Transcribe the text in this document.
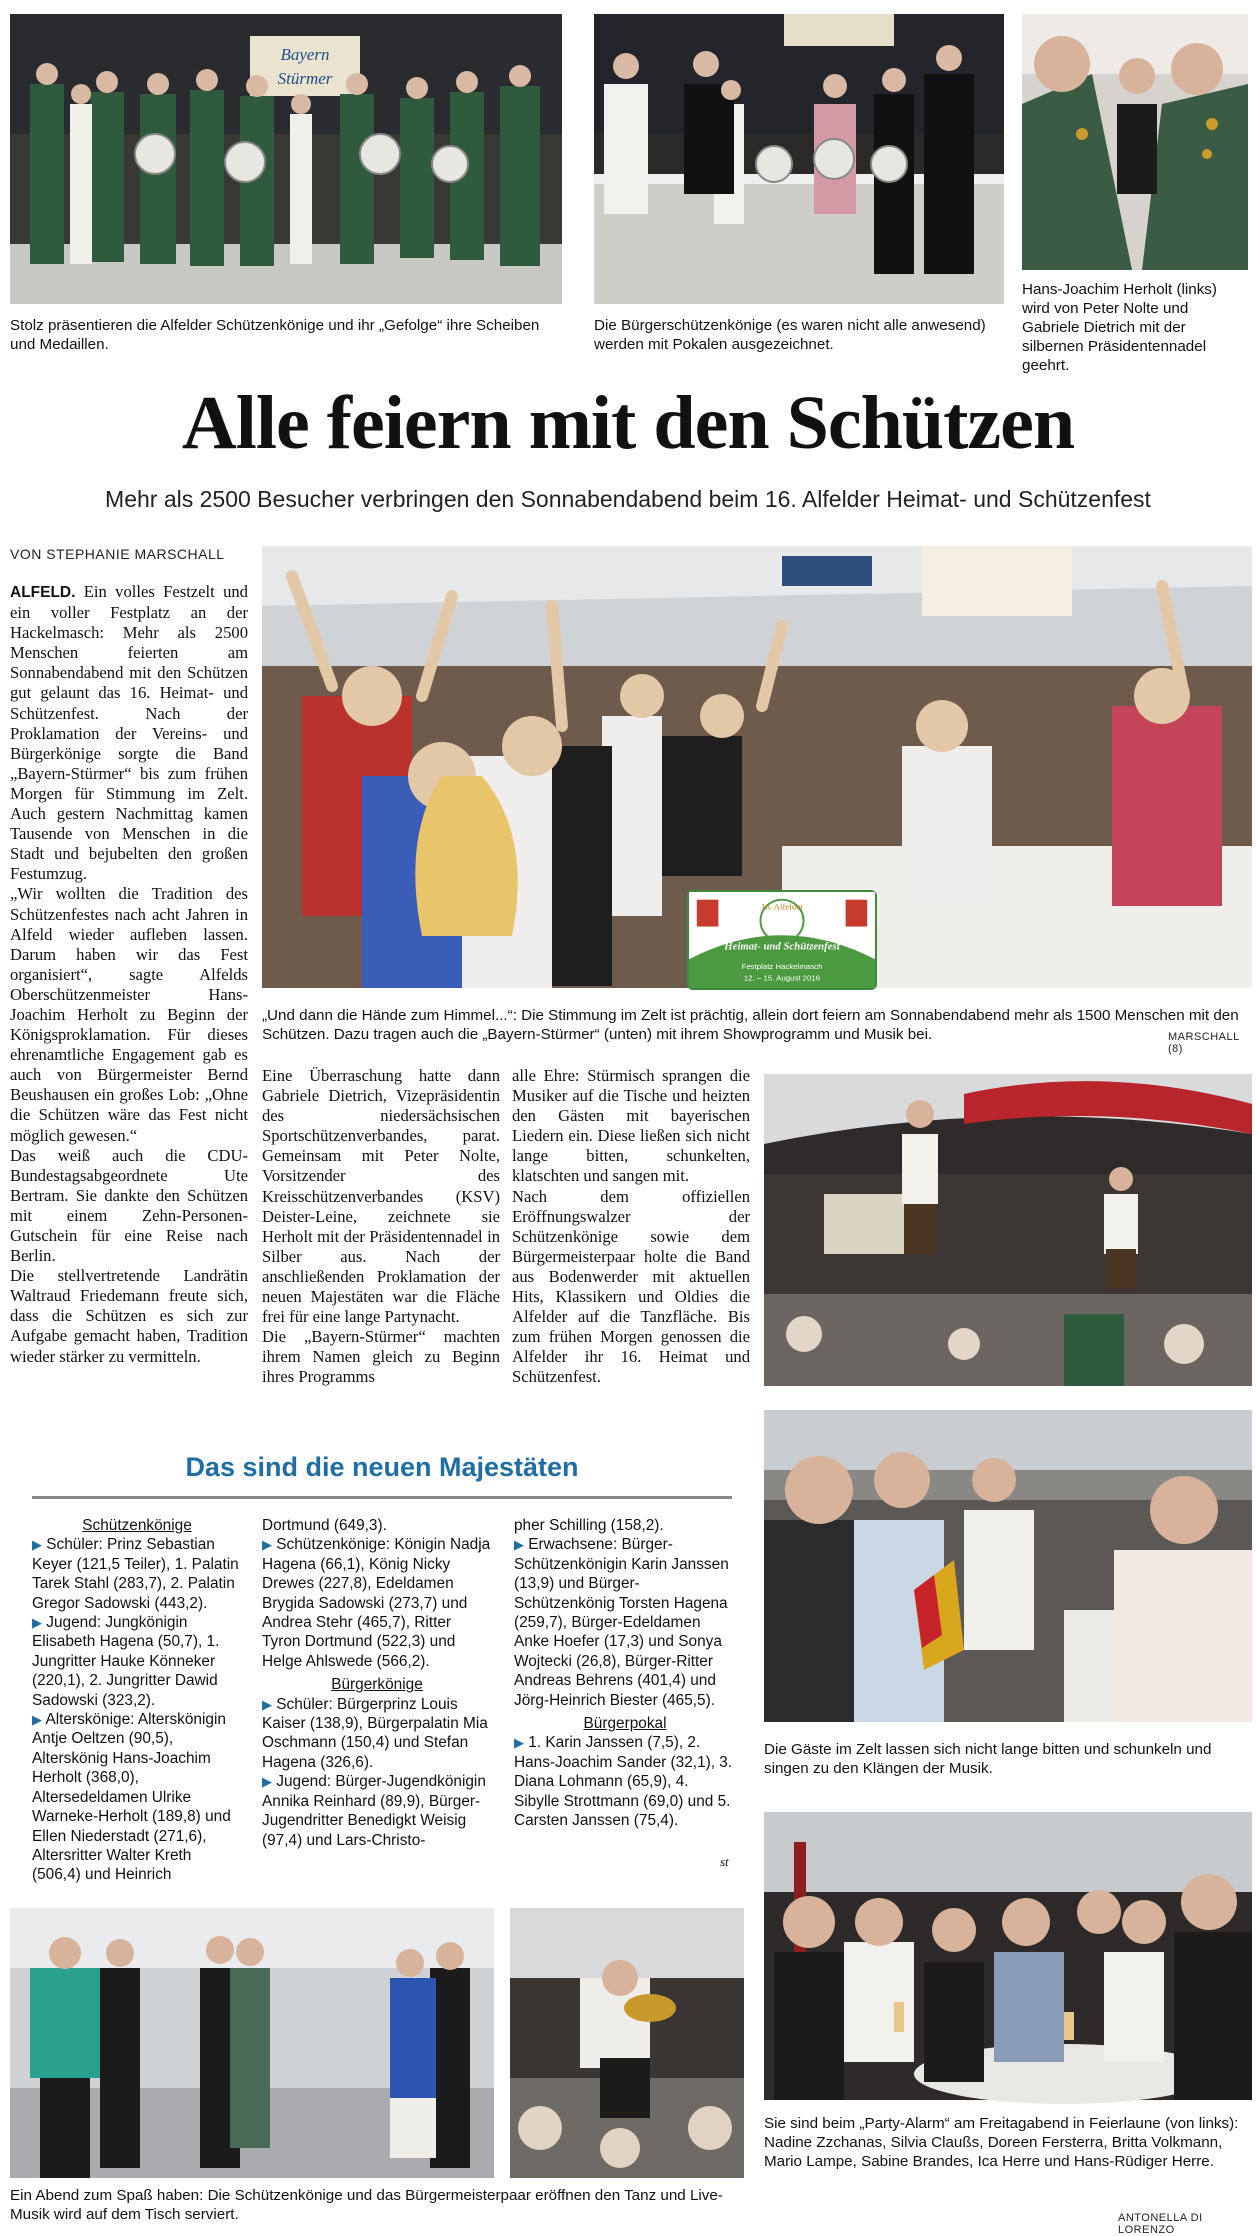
Bayern
Stürmer
Stolz präsentieren die Alfelder Schützenkönige und ihr „Gefolge“ ihre Scheiben und Medaillen.
Die Bürgerschützenkönige (es waren nicht alle anwesend) werden mit Pokalen ausgezeichnet.
Hans-Joachim Herholt (links) wird von Peter Nolte und Gabriele Dietrich mit der silbernen Präsidentennadel geehrt.
Alle feiern mit den Schützen
Mehr als 2500 Besucher verbringen den Sonnabendabend beim 16. Alfelder Heimat- und Schützenfest
VON STEPHANIE MARSCHALL
16. Alfelder
Heimat- und Schützenfest
Festplatz Hackelmasch
12. – 15. August 2016
„Und dann die Hände zum Himmel...“: Die Stimmung im Zelt ist prächtig, allein dort feiern am Sonnabendabend mehr als 1500 Menschen mit den Schützen. Dazu tragen auch die „Bayern-Stürmer“ (unten) mit ihrem Showprogramm und Musik bei.	MARSCHALL (8)

ALFELD. Ein volles Festzelt und ein voller Festplatz an der Hackelmasch: Mehr als 2500 Menschen feierten am Sonnabendabend mit den Schützen gut gelaunt das 16. Heimat- und Schützenfest. Nach der Proklamation der Vereins- und Bürgerkönige sorgte die Band „Bayern-Stürmer“ bis zum frühen Morgen für Stimmung im Zelt. Auch gestern Nachmittag kamen Tausende von Menschen in die Stadt und bejubelten den großen Festumzug.

„Wir wollten die Tradition des Schützenfestes nach acht Jahren in Alfeld wieder aufleben lassen. Darum haben wir das Fest organisiert“, sagte Alfelds Oberschützenmeister Hans-Joachim Herholt zu Beginn der Königsproklamation. Für dieses ehrenamtliche Engagement gab es auch von Bürgermeister Bernd Beushausen ein großes Lob: „Ohne die Schützen wäre das Fest nicht möglich gewesen.“

Das weiß auch die CDU-Bundestagsabgeordnete Ute Bertram. Sie dankte den Schützen mit einem Zehn-Personen-Gutschein für eine Reise nach Berlin.

Die stellvertretende Landrätin Waltraud Friedemann freute sich, dass die Schützen es sich zur Aufgabe gemacht haben, Tradition wieder stärker zu vermitteln.

Eine Überraschung hatte dann Gabriele Dietrich, Vizepräsidentin des niedersächsischen Sportschützenverbandes, parat. Gemeinsam mit Peter Nolte, Vorsitzender des Kreisschützenverbandes (KSV) Deister-Leine, zeichnete sie Herholt mit der Präsidentennadel in Silber aus. Nach der anschließenden Proklamation der neuen Majestäten war die Fläche frei für eine lange Partynacht.

Die „Bayern-Stürmer“ machten ihrem Namen gleich zu Beginn ihres Programms

alle Ehre: Stürmisch sprangen die Musiker auf die Tische und heizten den Gästen mit bayerischen Liedern ein. Diese ließen sich nicht lange bitten, schunkelten, klatschten und sangen mit.

Nach dem offiziellen Eröffnungswalzer der Schützenkönige sowie dem Bürgermeisterpaar holte die Band aus Bodenwerder mit aktuellen Hits, Klassikern und Oldies die Alfelder auf die Tanzfläche. Bis zum frühen Morgen genossen die Alfelder ihr 16. Heimat und Schützenfest.

Die Gäste im Zelt lassen sich nicht lange bitten und schunkeln und singen zu den Klängen der Musik.
Sie sind beim „Party-Alarm“ am Freitagabend in Feierlaune (von links): Nadine Zzchanas, Silvia Claußs, Doreen Fersterra, Britta Volkmann, Mario Lampe, Sabine Brandes, Ica Herre und Hans-Rüdiger Herre.
ANTONELLA DI LORENZO
Das sind die neuen Majestäten
Schützenkönige
▶ Schüler: Prinz Sebastian Keyer (121,5 Teiler), 1. Palatin Tarek Stahl (283,7), 2. Palatin Gregor Sadowski (443,2).
▶ Jugend: Jungkönigin Elisabeth Hagena (50,7), 1. Jungritter Hauke Könneker (220,1), 2. Jungritter Dawid Sadowski (323,2).
▶ Alterskönige: Alterskönigin Antje Oeltzen (90,5), Alterskönig Hans-Joachim Herholt (368,0), Altersedeldamen Ulrike Warneke-Herholt (189,8) und Ellen Niederstadt (271,6), Altersritter Walter Kreth (506,4) und Heinrich
Dortmund (649,3).
▶ Schützenkönige: Königin Nadja Hagena (66,1), König Nicky Drewes (227,8), Edeldamen Brygida Sadowski (273,7) und Andrea Stehr (465,7), Ritter Tyron Dortmund (522,3) und Helge Ahlswede (566,2).
Bürgerkönige
▶ Schüler: Bürgerprinz Louis Kaiser (138,9), Bürgerpalatin Mia Oschmann (150,4) und Stefan Hagena (326,6).
▶ Jugend: Bürger-Jugendkönigin Annika Reinhard (89,9), Bürger-Jugendritter Benedigkt Weisig (97,4) und Lars-Christo-
pher Schilling (158,2).
▶ Erwachsene: Bürger-Schützenkönigin Karin Janssen (13,9) und Bürger-Schützenkönig Torsten Hagena (259,7), Bürger-Edeldamen Anke Hoefer (17,3) und Sonya Wojtecki (26,8), Bürger-Ritter Andreas Behrens (401,4) und Jörg-Heinrich Biester (465,5).
Bürgerpokal
▶ 1. Karin Janssen (7,5), 2. Hans-Joachim Sander (32,1), 3. Diana Lohmann (65,9), 4. Sibylle Strottmann (69,0) und 5. Carsten Janssen (75,4).
st
Ein Abend zum Spaß haben: Die Schützenkönige und das Bürgermeisterpaar eröffnen den Tanz und Live-Musik wird auf dem Tisch serviert.
